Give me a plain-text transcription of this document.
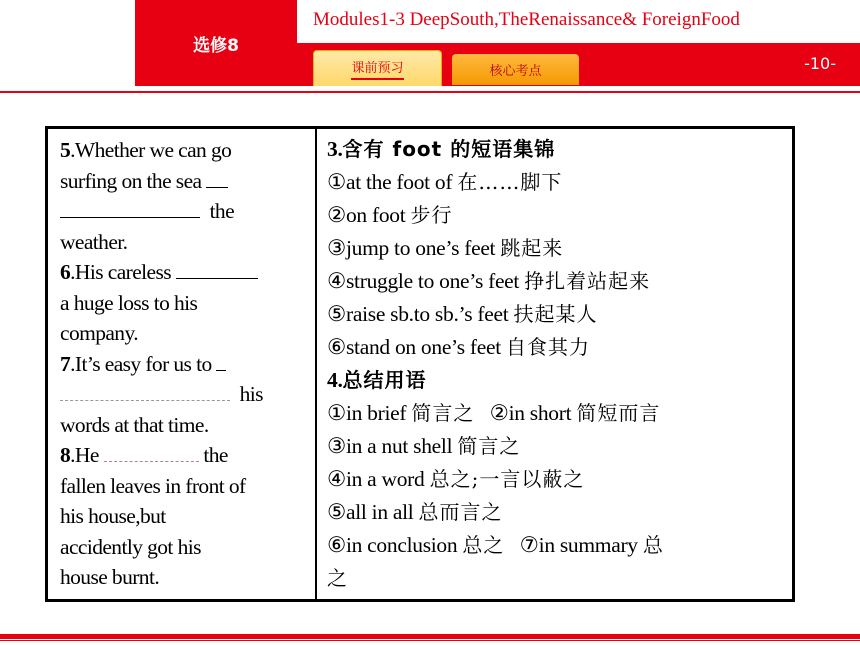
选修8
Modules1-3 DeepSouth,TheRenaissance& ForeignFood
课前预习	核心考点	-10-
5.Whether we can go
surfing on the sea
the
weather.
6.His careless
a huge loss to his
company.
7.It’s easy for us to
his
words at that time.
8.He	the
fallen leaves in front of
his house,but
accidently got his
house burnt.
3.含有 foot 的短语集锦
①at the foot of 在……脚下
②on foot 步行
③jump to one’s feet 跳起来
④struggle to one’s feet 挣扎着站起来
⑤raise sb.to sb.’s feet 扶起某人
⑥stand on one’s feet 自食其力
4.总结用语
①in brief 简言之 ②in short 简短而言
③in a nut shell 简言之
④in a word 总之;一言以蔽之
⑤all in all 总而言之
⑥in conclusion 总之 ⑦in summary 总
之
